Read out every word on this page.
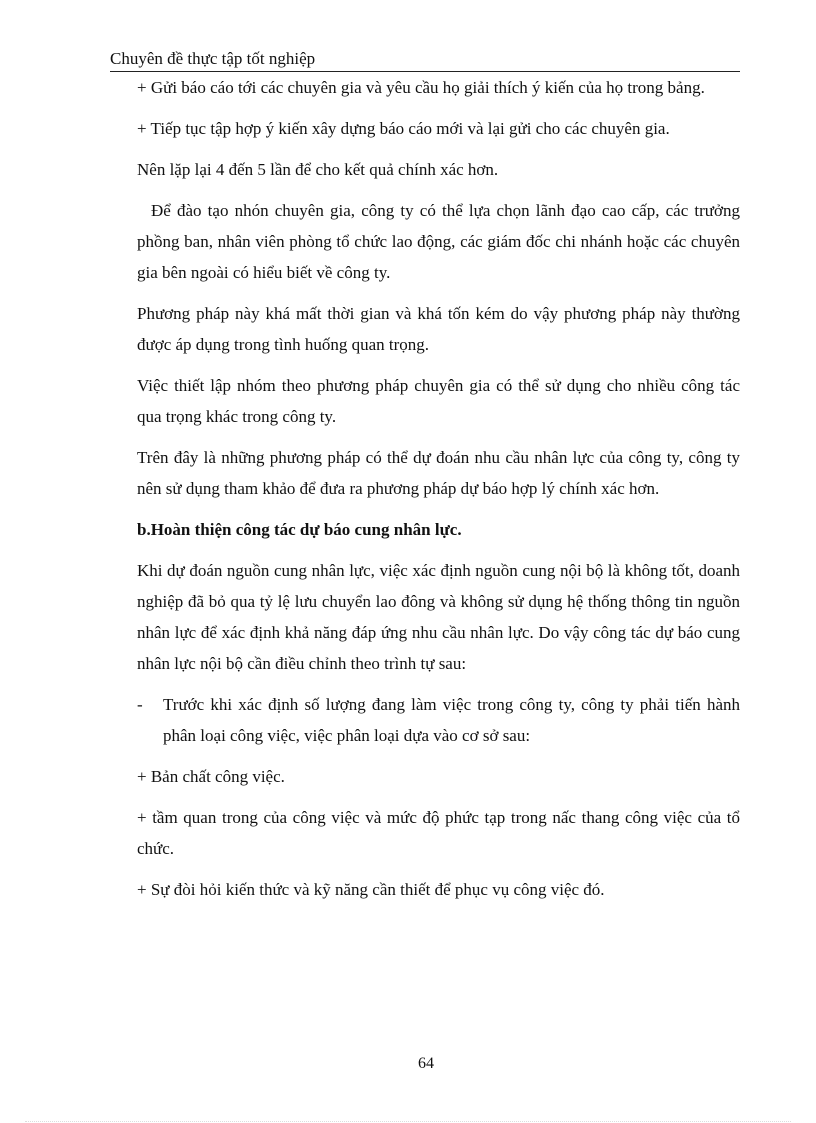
Chuyên đề thực tập tốt nghiệp

+ Gửi báo cáo tới các chuyên gia và yêu cầu họ giải thích ý kiến của họ trong bảng.

+ Tiếp tục tập hợp ý kiến xây dựng báo cáo mới và lại gửi cho các chuyên gia.

Nên lặp lại 4 đến 5 lần để cho kết quả chính xác hơn.

Để đào tạo nhón chuyên gia, công ty có thể lựa chọn lãnh đạo cao cấp, các trưởng phồng ban, nhân viên phòng tổ chức lao động, các giám đốc chi nhánh hoặc các chuyên gia bên ngoài có hiểu biết về công ty.

Phương pháp này khá mất thời gian và khá tốn kém do vậy phương pháp này thường được áp dụng trong tình huống quan trọng.

Việc thiết lập nhóm theo phương pháp chuyên gia có thể sử dụng cho nhiều công tác qua trọng khác trong công ty.

Trên đây là những phương pháp có thể dự đoán nhu cầu nhân lực của công ty, công ty nên sử dụng tham khảo để đưa ra phương pháp dự báo hợp lý chính xác hơn.

b.Hoàn thiện công tác dự báo cung nhân lực.

Khi dự đoán nguồn cung nhân lực, việc xác định nguồn cung nội bộ là không tốt, doanh nghiệp đã bỏ qua tỷ lệ lưu chuyển lao đông và không sử dụng hệ thống thông tin nguồn nhân lực để xác định khả năng đáp ứng nhu cầu nhân lực. Do vậy công tác dự báo cung nhân lực nội bộ cần điều chỉnh theo trình tự sau:

- Trước khi xác định số lượng đang làm việc trong công ty, công ty phải tiến hành phân loại công việc, việc phân loại dựa vào cơ sở sau:

+ Bản chất công việc.

+ tầm quan trong của công việc và mức độ phức tạp trong nấc thang công việc của tổ chức.

+ Sự đòi hỏi kiến thức và kỹ năng cần thiết để phục vụ công việc đó.

64
